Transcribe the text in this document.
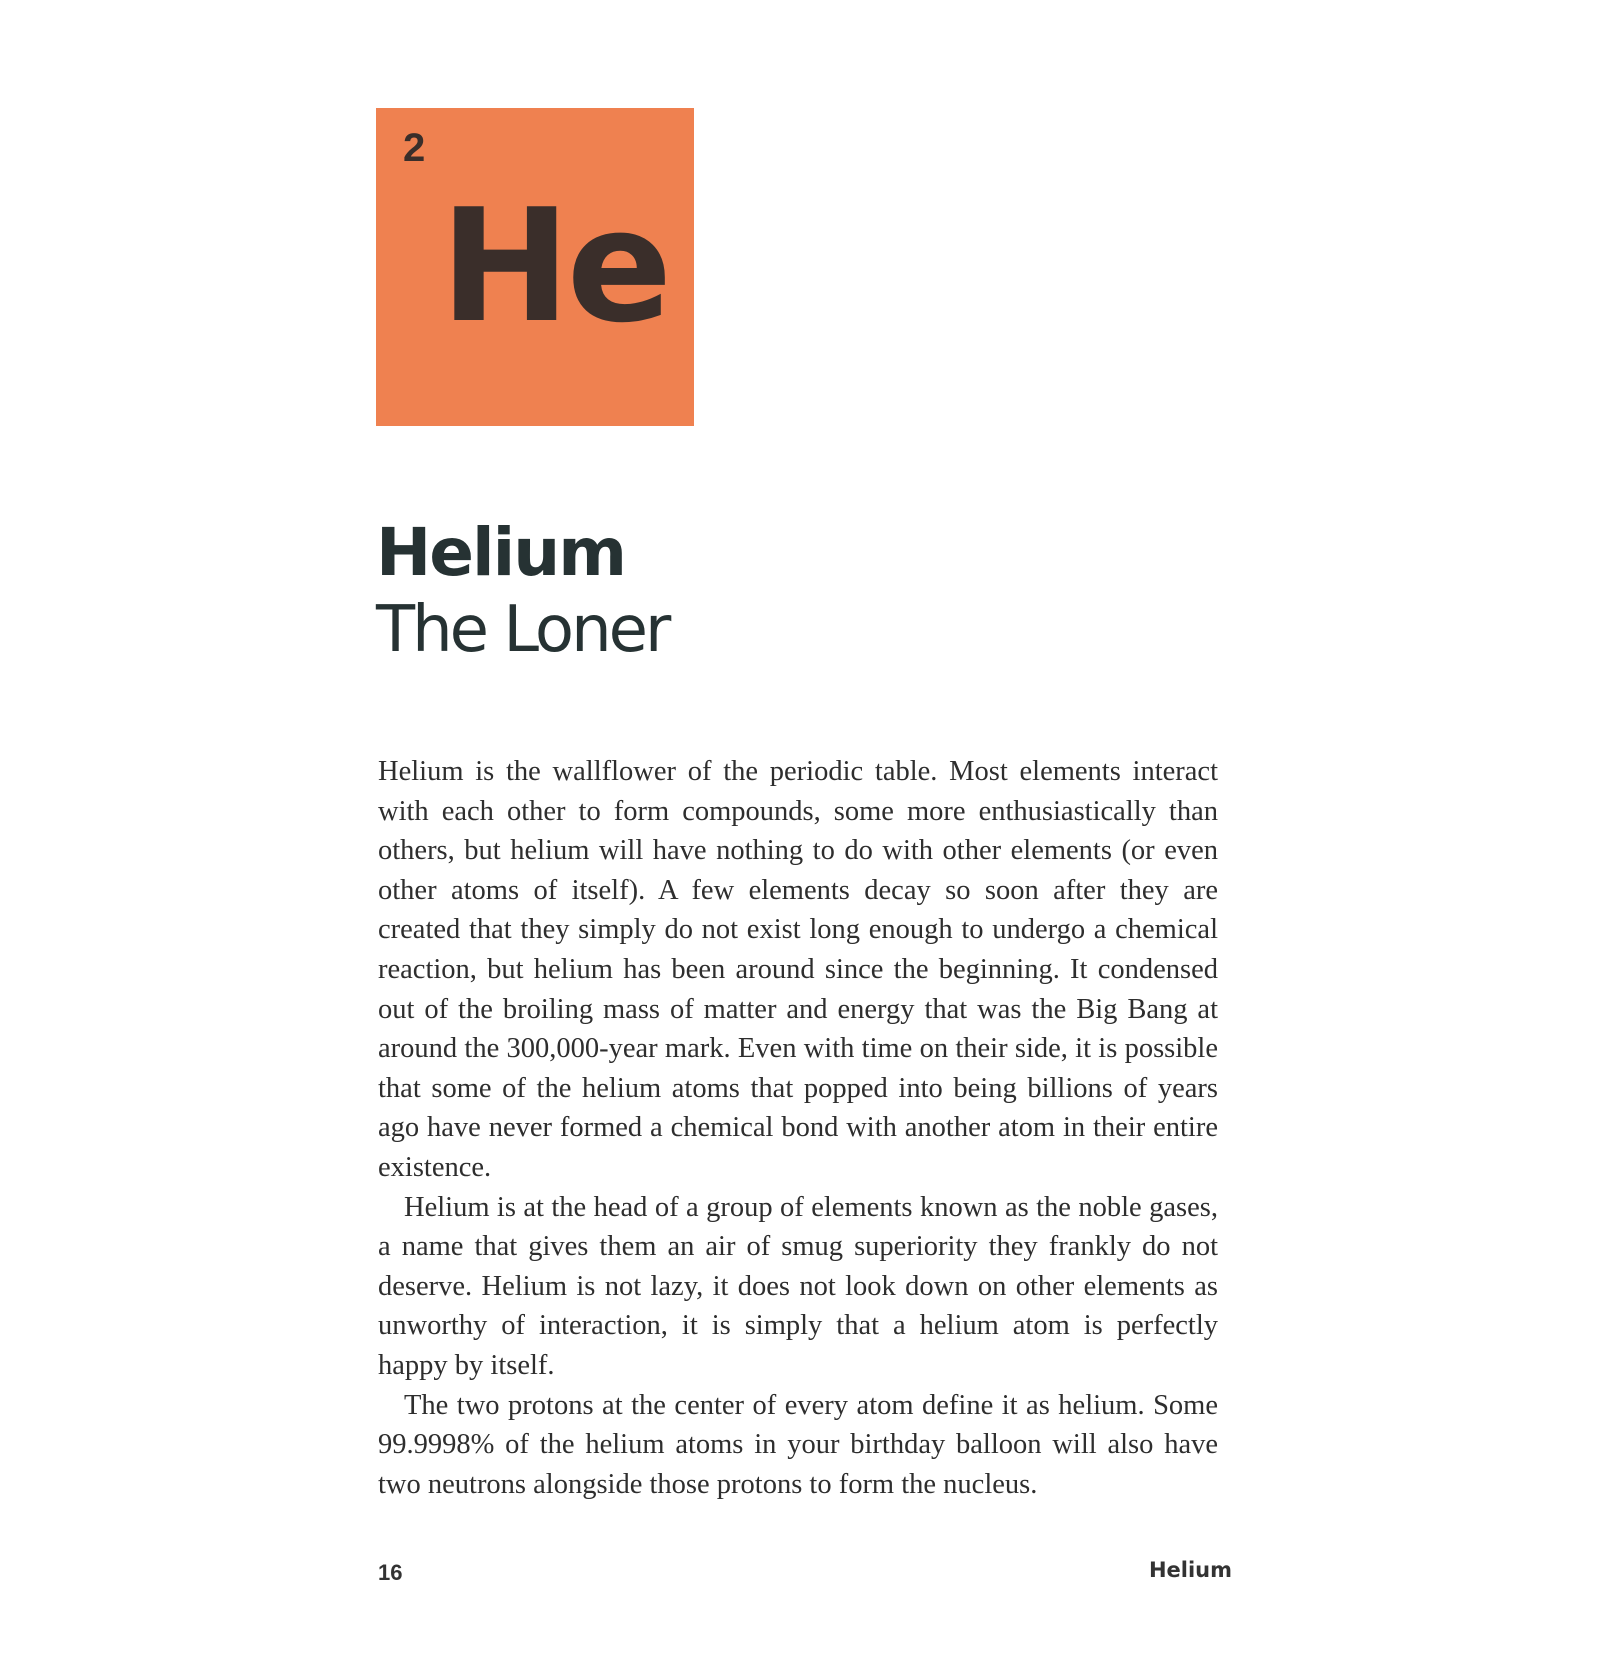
2
He
Helium
The Loner

Helium is the wallflower of the periodic table. Most elements interact with each other to form compounds, some more enthusiastically than others, but helium will have nothing to do with other elements (or even other atoms of itself). A few elements decay so soon after they are created that they simply do not exist long enough to undergo a chemical reaction, but helium has been around since the beginning. It condensed out of the broiling mass of matter and energy that was the Big Bang at around the 300,000-year mark. Even with time on their side, it is possible that some of the helium atoms that popped into being billions of years ago have never formed a chemical bond with another atom in their entire existence.

Helium is at the head of a group of elements known as the noble gases, a name that gives them an air of smug superiority they frankly do not deserve. Helium is not lazy, it does not look down on other elements as unworthy of interaction, it is simply that a helium atom is perfectly happy by itself.

The two protons at the center of every atom define it as helium. Some 99.9998% of the helium atoms in your birthday balloon will also have two neutrons alongside those protons to form the nucleus.

16	Helium
